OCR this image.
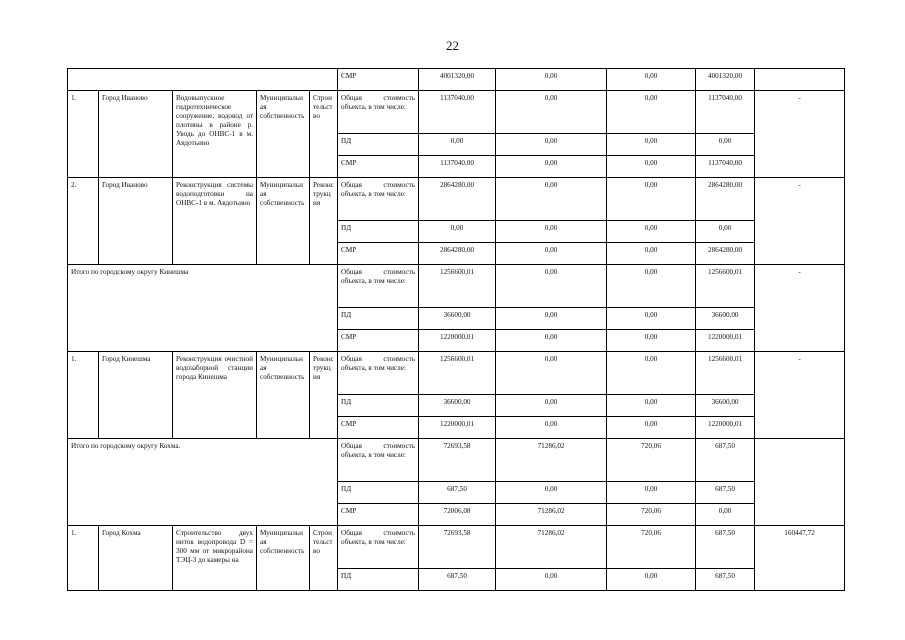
22
					СМР	4001320,00	0,00	0,00	4001320,00		
1.	Город Иваново	Водовыпускное гидротехническое сооружение, водовод от плотины в районе р. Уводь до ОНВС-1 в м. Авдотьино	Муниципальная собственность	Строительство	Общая стоимость объекта, в том числе:	1137040,00	0,00	0,00	1137040,00	-	
					ПД	0,00	0,00	0,00	0,00		
					СМР	1137040,00	0,00	0,00	1137040,00		
2.	Город Иваново	Реконструкция системы водоподготовки на ОНВС-1 в м. Авдотьино	Муниципальная собственность	Реконструкция	Общая стоимость объекта, в том числе:	2864280,00	0,00	0,00	2864280,00	-	
					ПД	0,00	0,00	0,00	0,00		
					СМР	2864280,00	0,00	0,00	2864280,00		
Итого по городскому округу Кинешма					Общая стоимость объекта, в том числе:	1256600,01	0,00	0,00	1256600,01	-	
					ПД	36600,00	0,00	0,00	36600,00		
					СМР	1220000,01	0,00	0,00	1220000,01		
1.	Город Кинешма	Реконструкция очистной водозаборной станции города Кинешма	Муниципальная собственность	Реконструкция	Общая стоимость объекта, в том числе:	1256600,01	0,00	0,00	1256600,01	-	
					ПД	36600,00	0,00	0,00	36600,00		
					СМР	1220000,01	0,00	0,00	1220000,01		
Итого по городскому округу Кохма.					Общая стоимость объекта, в том числе:	72693,58	71286,02	720,06	687,50		
					ПД	687,50	0,00	0,00	687,50		
					СМР	72006,08	71286,02	720,06	0,00		
1.	Город Кохма	Строительство двух ниток водопровода D = 300 мм от микрорайона ТЭЦ-3 до камеры на	Муниципальная собственность	Строительство	Общая стоимость объекта, в том числе:	72693,58	71286,02	720,06	687,50	160447,72	
					ПД	687,50	0,00	0,00	687,50		
